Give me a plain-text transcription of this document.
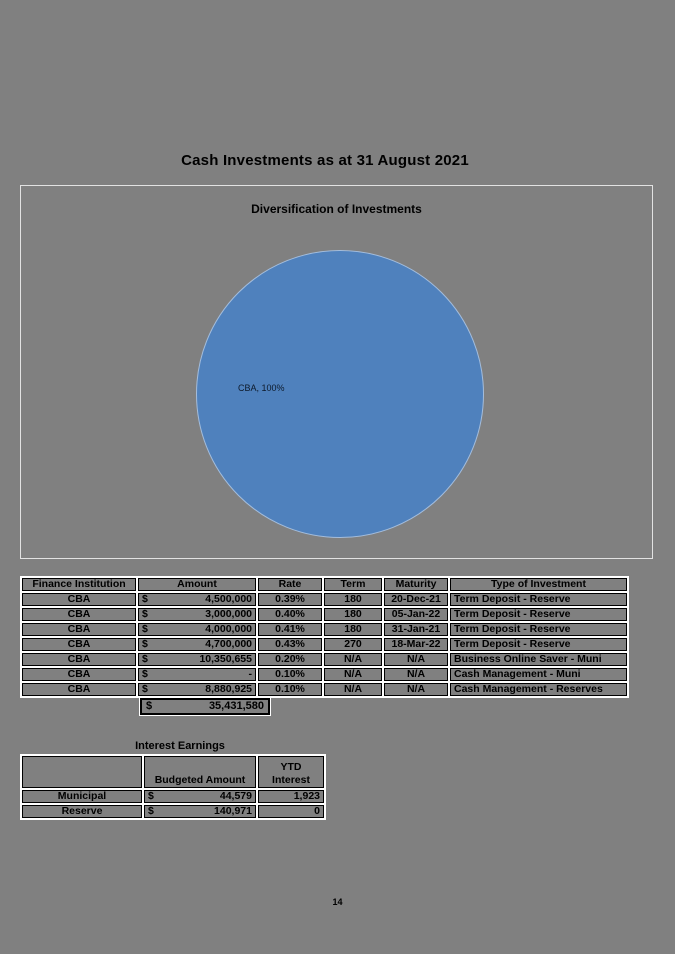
Cash Investments as at 31 August 2021
Diversification of Investments
CBA, 100%
Finance Institution	Amount	Rate	Term	Maturity	Type of Investment
CBA	$ 4,500,000	0.39%	180	20-Dec-21	Term Deposit - Reserve
CBA	$ 3,000,000	0.40%	180	05-Jan-22	Term Deposit - Reserve
CBA	$ 4,000,000	0.41%	180	31-Jan-21	Term Deposit - Reserve
CBA	$ 4,700,000	0.43%	270	18-Mar-22	Term Deposit - Reserve
CBA	$ 10,350,655	0.20%	N/A	N/A	Business Online Saver - Muni
CBA	$ -	0.10%	N/A	N/A	Cash Management - Muni
CBA	$ 8,880,925	0.10%	N/A	N/A	Cash Management - Reserves
$	35,431,580
Interest Earnings
	Budgeted Amount	YTD
Interest
Municipal	$ 44,579	1,923
Reserve	$ 140,971	0
14
